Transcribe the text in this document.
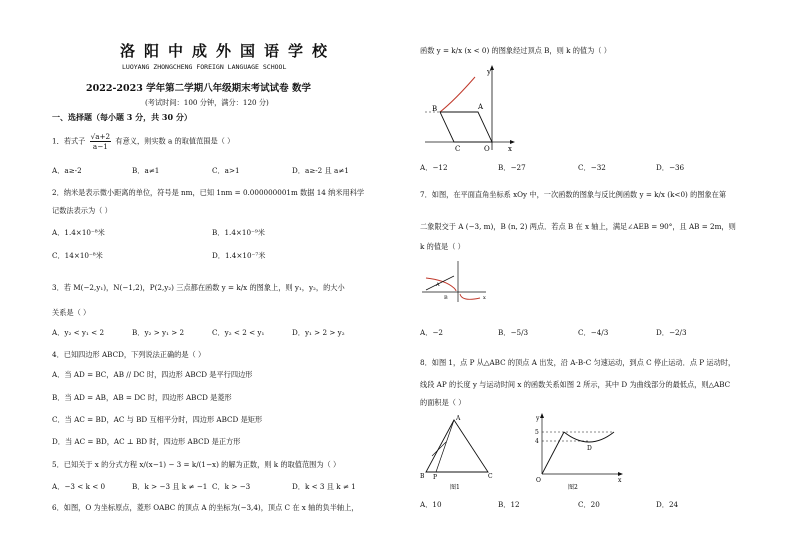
洛阳中成外国语学校
LUOYANG ZHONGCHENG FOREIGN LANGUAGE SCHOOL
2022-2023 学年第二学期八年级期末考试试卷 数学
(考试时间：100 分钟，满分：120 分)
一、选择题（每小题 3 分，共 30 分）
1．若式子 $\frac{√a+2}{a-1}$ 有意义，则实数 a 的取值范围是（ ）
A．a≥-2	B．a≠1	C．a>1	D．a≥-2 且 a≠1
2．纳米是表示微小距离的单位，符号是 nm，已知 1nm = 0.000000001m 数据 14 纳米用科学
记数法表示为（ ）
A．1.4×10⁻⁸米	B．1.4×10⁻⁹米
C．14×10⁻⁸米	D．1.4×10⁻⁷米
3．若 M(−2,y₁)，N(−1,2)，P(2,y₂) 三点都在函数 y = k/x 的图象上，则 y₁，y₂，的大小
关系是（ ）
A．y₂ < y₁ < 2	B．y₂ > y₁ > 2	C．y₂ < 2 < y₁	D．y₁ > 2 > y₂
4．已知四边形 ABCD，下列说法正确的是（ ）
A．当 AD = BC，AB // DC 时，四边形 ABCD 是平行四边形
B．当 AD = AB，AB = DC 时，四边形 ABCD 是菱形
C．当 AC = BD，AC 与 BD 互相平分时，四边形 ABCD 是矩形
D．当 AC = BD，AC ⊥ BD 时，四边形 ABCD 是正方形
5．已知关于 x 的分式方程 x/(x−1) − 3 = k/(1−x) 的解为正数，则 k 的取值范围为（ ）
A．−3 < k < 0	B．k > −3 且 k ≠ −1 C．k > −3	D．k < 3 且 k ≠ 1
6．如图，O 为坐标原点，菱形 OABC 的顶点 A 的坐标为(−3,4)，顶点 C 在 x 轴的负半轴上，
函数 y = k/x (x < 0) 的图象经过顶点 B，则 k 的值为（ ）
y
x
A
B
C	O
A．−12	B．−27	C．−32	D．−36
7．如图，在平面直角坐标系 xOy 中，一次函数的图象与反比例函数 y = k/x (k<0) 的图象在第
二象限交于 A (−3, m)，B (n, 2) 两点．若点 B 在 x 轴上，满足∠AEB = 90°，且 AB = 2m，则
k 的值是（ ）
A
B	x
A．−2	B．−5/3	C．−4/3	D．−2/3
8．如图 1，点 P 从△ABC 的顶点 A 出发，沿 A-B-C 匀速运动，到点 C 停止运动．点 P 运动时，
线段 AP 的长度 y 与运动时间 x 的函数关系如图 2 所示，其中 D 为曲线部分的最低点，则△ABC
的面积是（ ）
A
B P	C
图1
5
4
D
y
x
O
图2
A．10	B．12	C．20	D．24
